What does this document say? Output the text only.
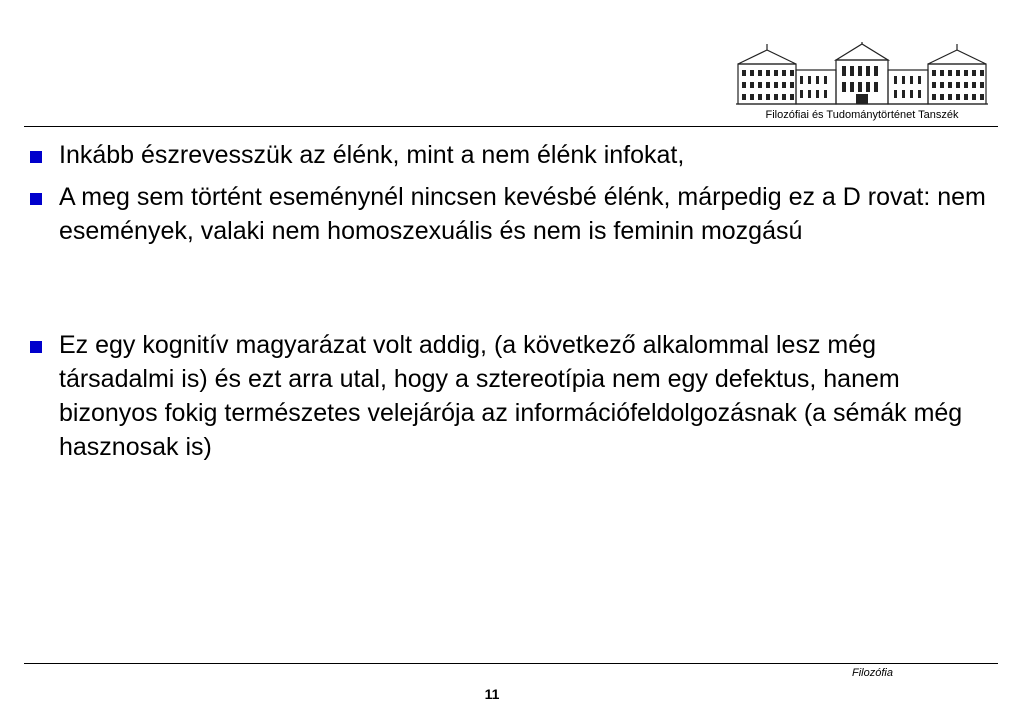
Filozófiai és Tudománytörténet Tanszék
Inkább észrevesszük az élénk, mint a nem élénk infokat,
A meg sem történt eseménynél nincsen kevésbé élénk, márpedig ez a D rovat: nem események, valaki nem homoszexuális és nem is feminin mozgású
Ez egy kognitív magyarázat volt addig, (a következő alkalommal lesz még társadalmi is) és ezt arra utal, hogy a sztereotípia nem egy defektus, hanem bizonyos fokig természetes velejárója az információfeldolgozásnak (a sémák még hasznosak is)
Filozófia
11
